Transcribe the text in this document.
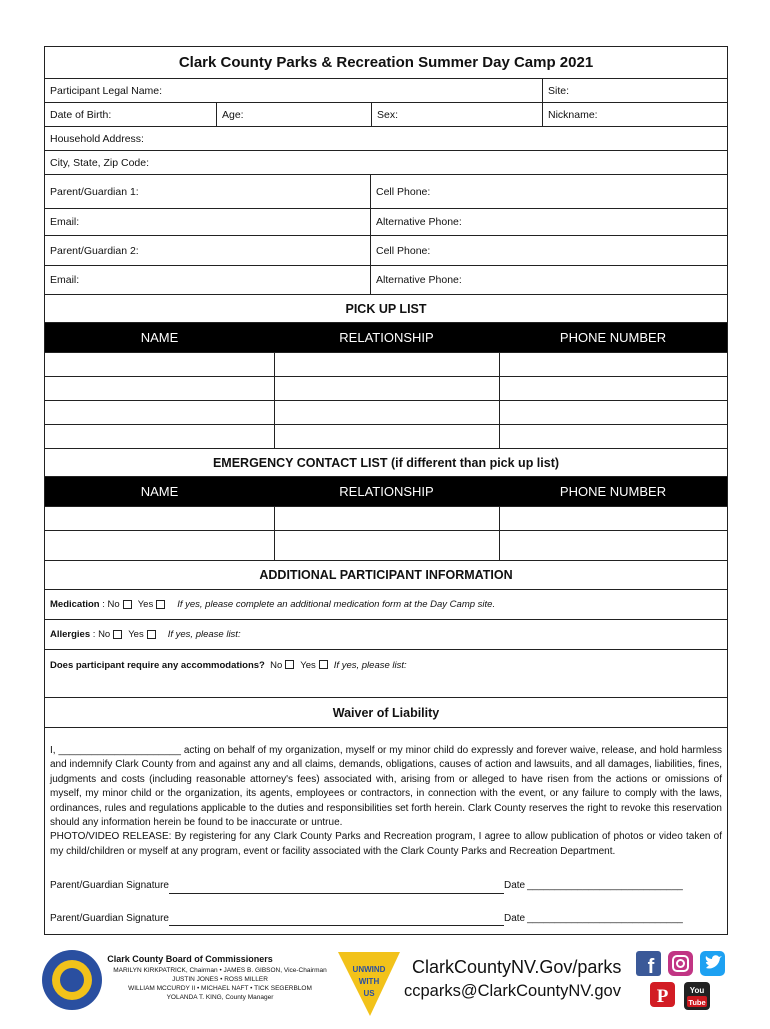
Clark County Parks & Recreation Summer Day Camp 2021
Participant Legal Name:	Site:
Date of Birth:	Age:	Sex:	Nickname:
Household Address:
City, State, Zip Code:
Parent/Guardian 1:	Cell Phone:
Email:	Alternative Phone:
Parent/Guardian 2:	Cell Phone:
Email:	Alternative Phone:
PICK UP LIST
NAME	RELATIONSHIP	PHONE NUMBER
EMERGENCY CONTACT LIST (if different than pick up list)
NAME	RELATIONSHIP	PHONE NUMBER
ADDITIONAL PARTICIPANT INFORMATION
Medication : No Yes	If yes, please complete an additional medication form at the Day Camp site.
Allergies : No Yes	If yes, please list:
Does participant require any accommodations?
No Yes If yes, please list:
Waiver of Liability

I, ______________________ acting on behalf of my organization, myself or my minor child do expressly and forever waive, release, and hold harmless and indemnify Clark County from and against any and all claims, demands, obligations, causes of action and lawsuits, and all damages, liabilities, fines, judgments and costs (including reasonable attorney's fees) associated with, arising from or alleged to have risen from the actions or omissions of myself, my minor child or the organization, its agents, employees or contractors, in connection with the event, or any failure to comply with the laws, ordinances, rules and regulations applicable to the duties and responsibilities set forth herein. Clark County reserves the right to revoke this reservation should any information herein be found to be inaccurate or untrue.

PHOTO/VIDEO RELEASE: By registering for any Clark County Parks and Recreation program, I agree to allow publication of photos or video taken of my child/children or myself at any program, event or facility associated with the Clark County Parks and Recreation Department.

Parent/Guardian Signature	Date ____________________________
Parent/Guardian Signature	Date ____________________________
Clark County Board of Commissioners
MARILYN KIRKPATRICK, Chairman • JAMES B. GIBSON, Vice-Chairman
JUSTIN JONES • ROSS MILLER
WILLIAM MCCURDY II • MICHAEL NAFT • TICK SEGERBLOM
YOLANDA T. KING, County Manager
UNWIND
WITH
US
ClarkCountyNV.Gov/parks
ccparks@ClarkCountyNV.gov
f
P	You
Tube
